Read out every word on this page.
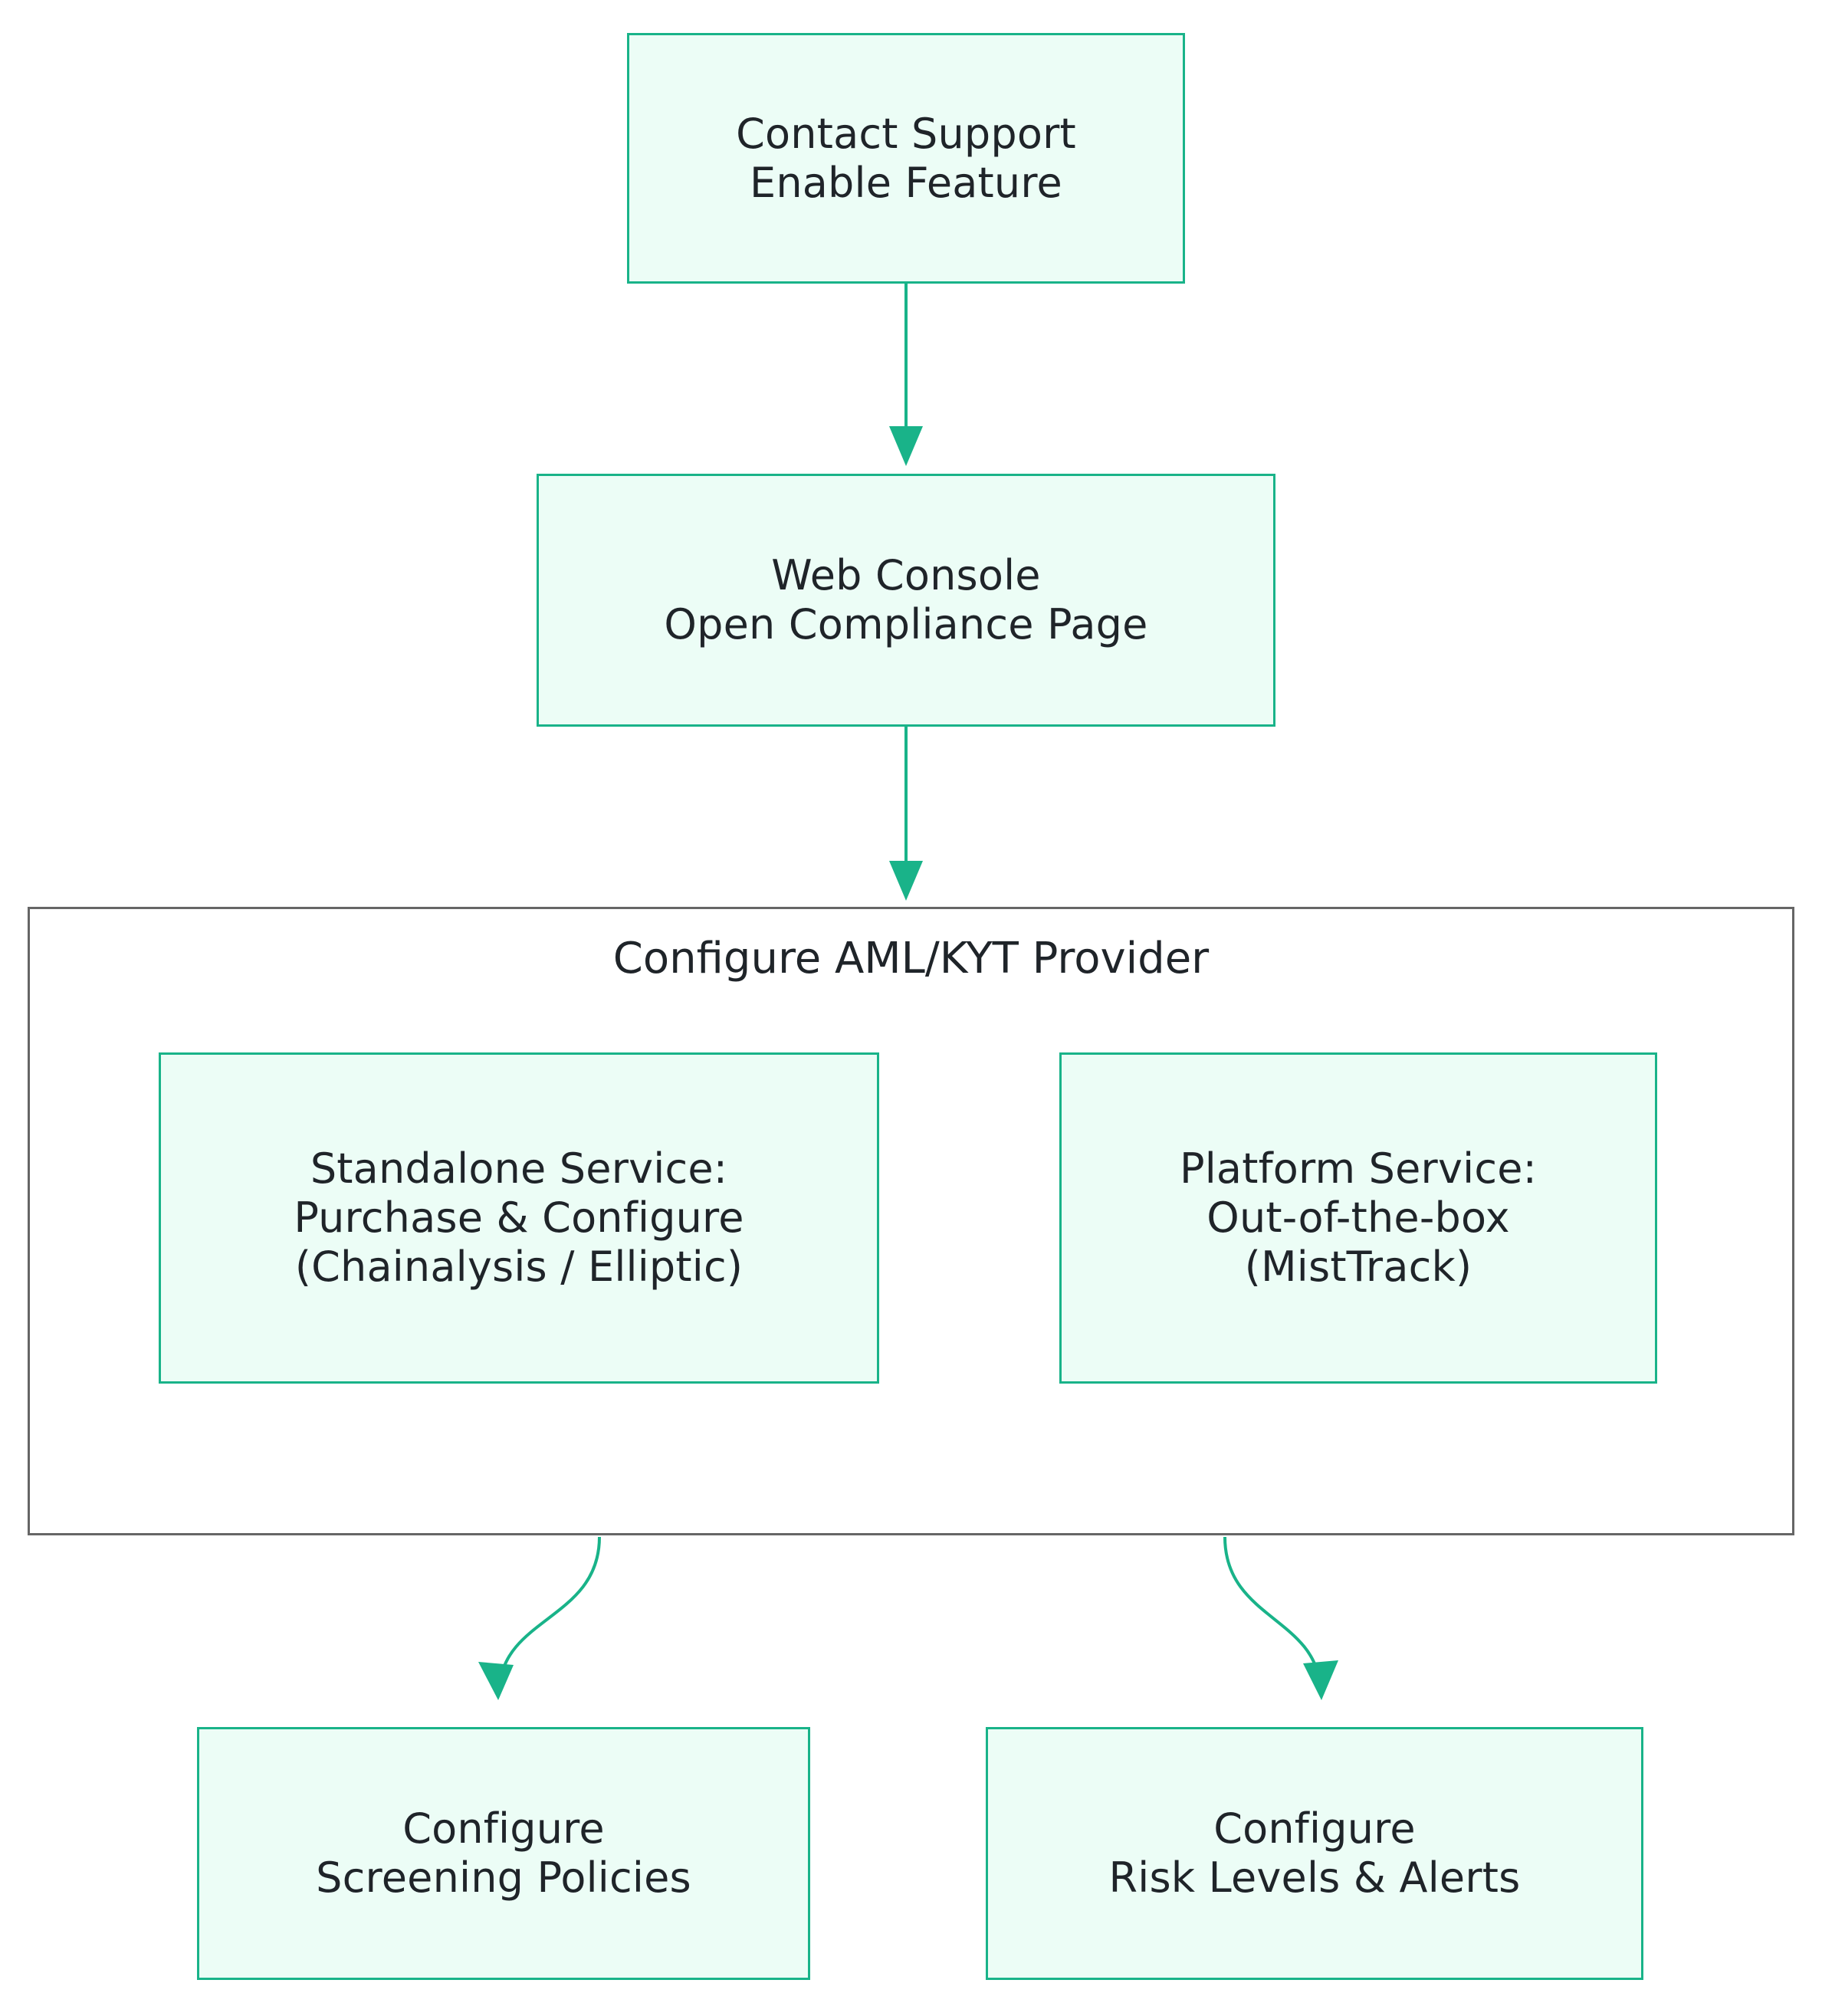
Configure AML/KYT Provider
Contact Support
Enable Feature
Web Console
Open Compliance Page
Standalone Service:
Purchase & Configure
(Chainalysis / Elliptic)
Platform Service:
Out-of-the-box
(MistTrack)
Configure
Screening Policies
Configure
Risk Levels & Alerts
